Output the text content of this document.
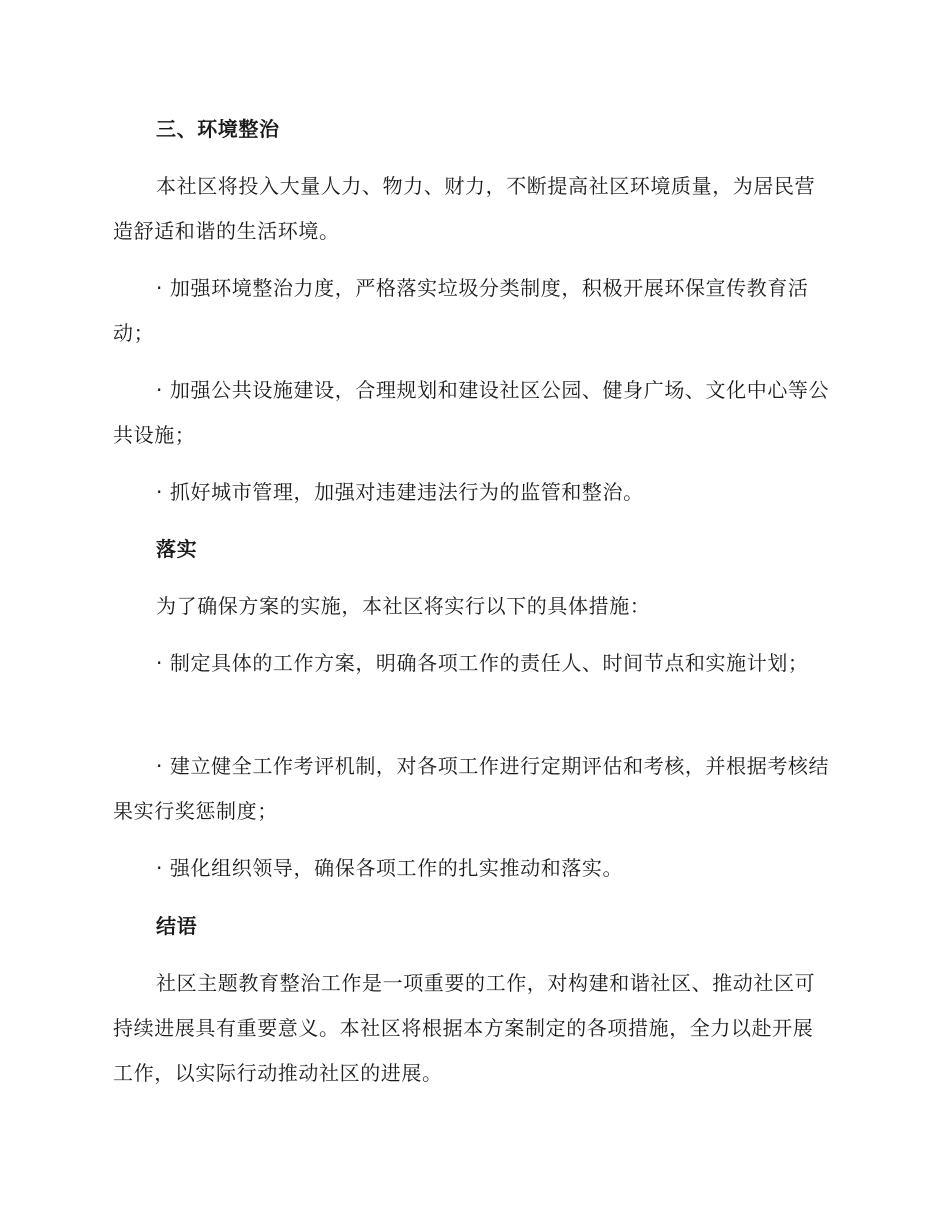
三、环境整治

本社区将投入大量人力、物力、财力，不断提高社区环境质量，为居民营造舒适和谐的生活环境。

· 加强环境整治力度，严格落实垃圾分类制度，积极开展环保宣传教育活动；

· 加强公共设施建设，合理规划和建设社区公园、健身广场、文化中心等公共设施；

· 抓好城市管理，加强对违建违法行为的监管和整治。

落实

为了确保方案的实施，本社区将实行以下的具体措施：

· 制定具体的工作方案，明确各项工作的责任人、时间节点和实施计划；

· 建立健全工作考评机制，对各项工作进行定期评估和考核，并根据考核结果实行奖惩制度；

· 强化组织领导，确保各项工作的扎实推动和落实。

结语

社区主题教育整治工作是一项重要的工作，对构建和谐社区、推动社区可持续进展具有重要意义。本社区将根据本方案制定的各项措施，全力以赴开展工作，以实际行动推动社区的进展。
